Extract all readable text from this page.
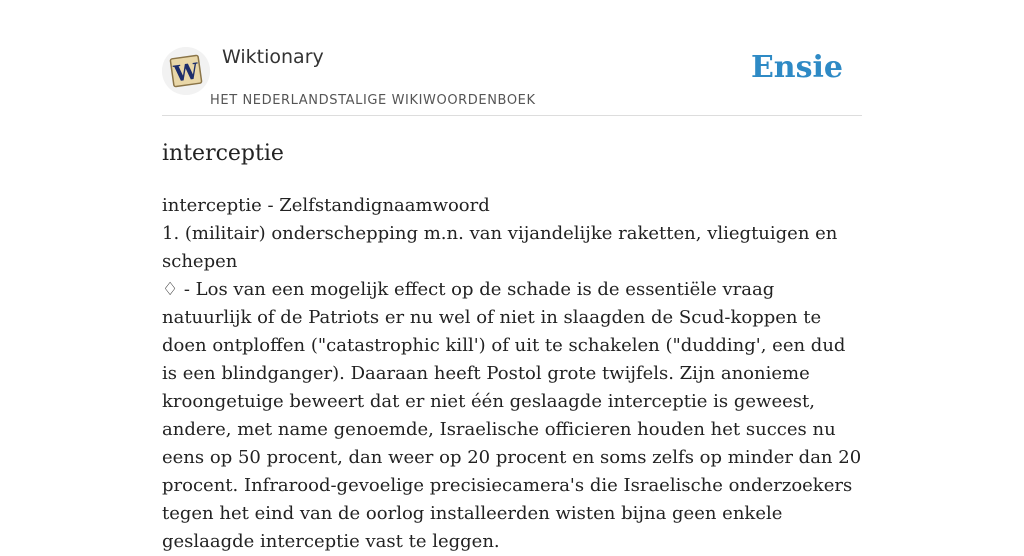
W
Wiktionary
HET NEDERLANDSTALIGE WIKIWOORDENBOEK
Ensie
interceptie

interceptie - Zelfstandignaamwoord

1. (militair) onderschepping m.n. van vijandelijke raketten, vliegtuigen en schepen

♢ - Los van een mogelijk effect op de schade is de essentiële vraag natuurlijk of de Patriots er nu wel of niet in slaagden de Scud-koppen te doen ontploffen ("catastrophic kill') of uit te schakelen ("dudding', een dud is een blindganger). Daaraan heeft Postol grote twijfels. Zijn anonieme kroongetuige beweert dat er niet één geslaagde interceptie is geweest, andere, met name genoemde, Israelische officieren houden het succes nu eens op 50 procent, dan weer op 20 procent en soms zelfs op minder dan 20 procent. Infrarood-gevoelige precisiecamera's die Israelische onderzoekers tegen het eind van de oorlog installeerden wisten bijna geen enkele geslaagde interceptie vast te leggen.
